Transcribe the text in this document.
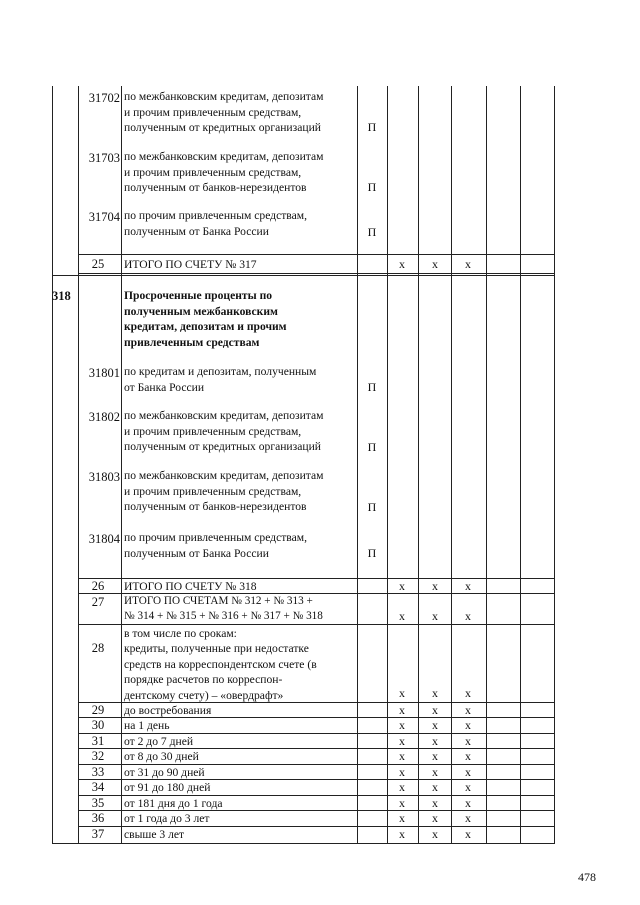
31702 по межбанковским кредитам, депозитам
и прочим привлеченным средствам,
полученным от кредитных организаций	П
31703 по межбанковским кредитам, депозитам
и прочим привлеченным средствам,
полученным от банков-нерезидентов	П
31704 по прочим привлеченным средствам,
полученным от Банка России	П
25	ИТОГО ПО СЧЕТУ № 317	х	х	х
318	Просроченные проценты по
полученным межбанковским
кредитам, депозитам и прочим
привлеченным средствам
31801 по кредитам и депозитам, полученным
от Банка России	П
31802 по межбанковским кредитам, депозитам
и прочим привлеченным средствам,
полученным от кредитных организаций	П
31803 по межбанковским кредитам, депозитам
и прочим привлеченным средствам,
полученным от банков-нерезидентов	П
31804 по прочим привлеченным средствам,
полученным от Банка России	П
26	ИТОГО ПО СЧЕТУ № 318	х	х	х
27	ИТОГО ПО СЧЕТАМ № 312 + № 313 +
№ 314 + № 315 + № 316 + № 317 + № 318	х	х	х
28
в том числе по срокам:
кредиты, полученные при недостатке
средств на корреспондентском счете (в
порядке расчетов по корреспон-
дентскому счету) – «овердрафт»	х	х	х
29	до востребования	х	х	х
30	на 1 день	х	х	х
31	от 2 до 7 дней	х	х	х
32	от 8 до 30 дней	х	х	х
33	от 31 до 90 дней	х	х	х
34	от 91 до 180 дней	х	х	х
35	от 181 дня до 1 года	х	х	х
36	от 1 года до 3 лет	х	х	х
37	свыше 3 лет	х	х	х
478
